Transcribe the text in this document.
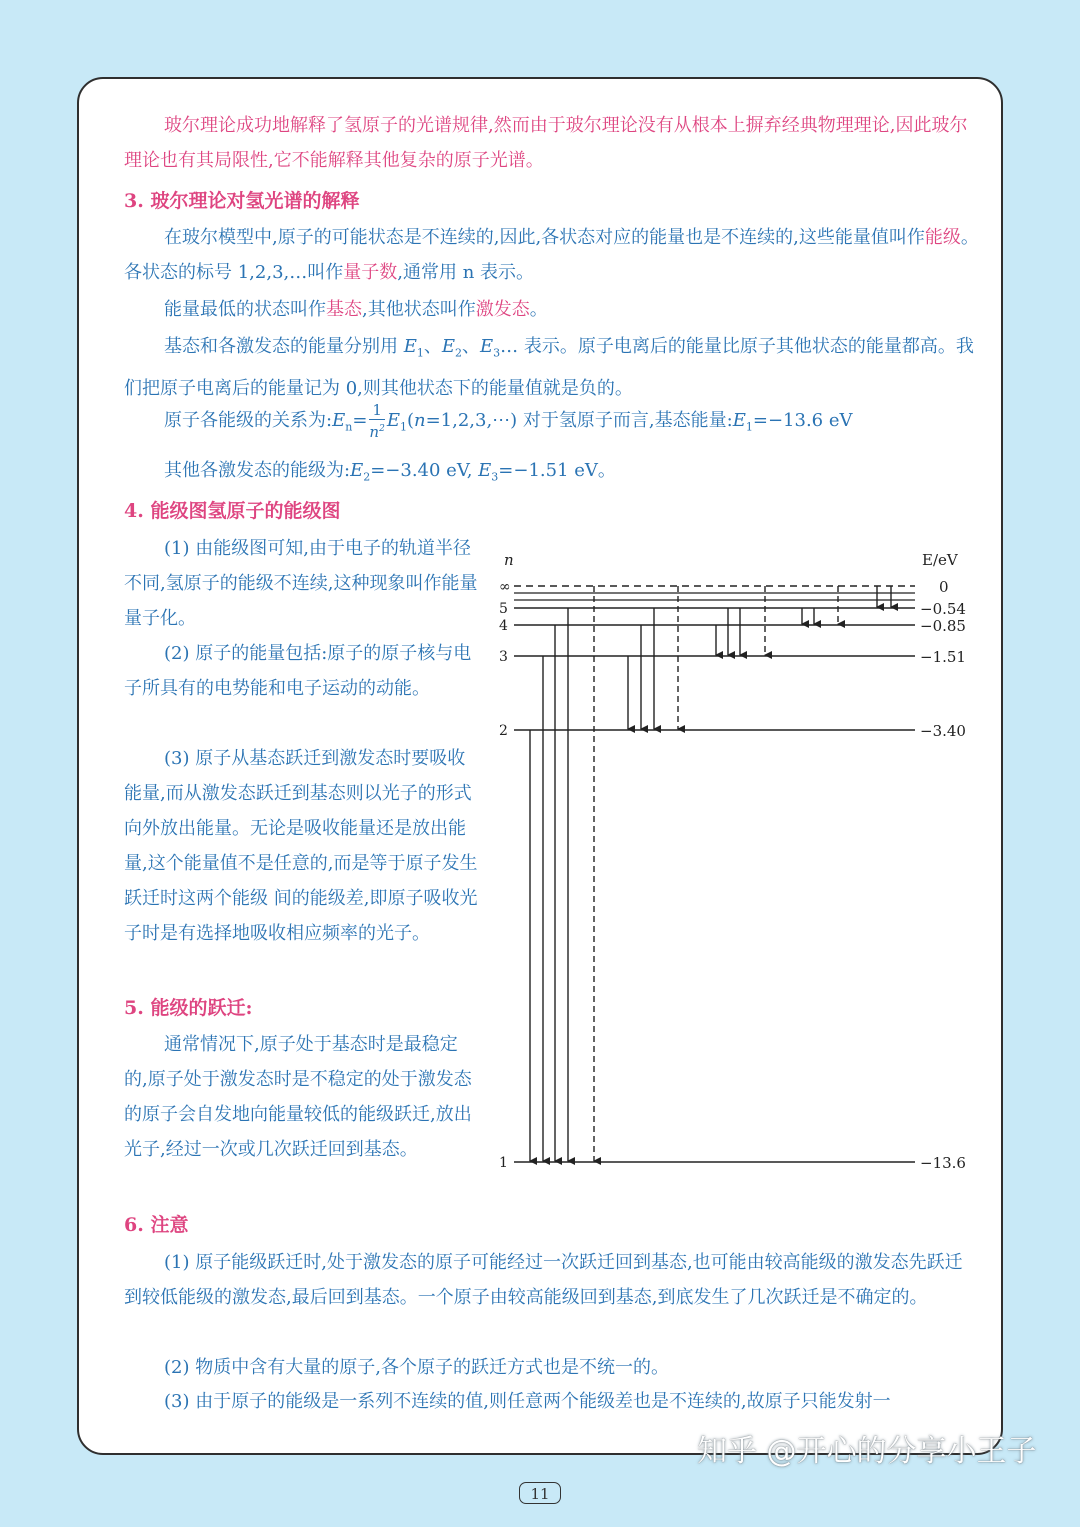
玻尔理论成功地解释了氢原子的光谱规律,然而由于玻尔理论没有从根本上摒弃经典物理理论,因此玻尔理论也有其局限性,它不能解释其他复杂的原子光谱。

3. 玻尔理论对氢光谱的解释

在玻尔模型中,原子的可能状态是不连续的,因此,各状态对应的能量也是不连续的,这些能量值叫作能级。 各状态的标号 1,2,3,…叫作量子数,通常用 n 表示。

能量最低的状态叫作基态,其他状态叫作激发态。

基态和各激发态的能量分别用 $E_1$、$E_2$、$E_3\dots$ 表示。原子电离后的能量比原子其他状态的能量都高。我们把原子电离后的能量记为 0,则其他状态下的能量值就是负的。

原子各能级的关系为$:E_n= \frac{1}{n^2}$ $E_1(n=1,2,3,\cdots)$ 对于氢原子而言,基态能量$:E_1=-13.6$ eV

其他各激发态的能级为$:E_2=-3.40$ eV, $E_3=-1.51$ eV。

4. 能级图氢原子的能级图

(1) 由能级图可知,由于电子的轨道半径不同,氢原子的能级不连续,这种现象叫作能量量子化。

(2) 原子的能量包括:原子的原子核与电子所具有的电势能和电子运动的动能。

(3) 原子从基态跃迁到激发态时要吸收能量,而从激发态跃迁到基态则以光子的形式向外放出能量。无论是吸收能量还是放出能量,这个能量值不是任意的,而是等于原子发生跃迁时这两个能级 间的能级差,即原子吸收光子时是有选择地吸收相应频率的光子。

5. 能级的跃迁:

通常情况下,原子处于基态时是最稳定的,原子处于激发态时是不稳定的处于激发态的原子会自发地向能量较低的能级跃迁,放出光子,经过一次或几次跃迁回到基态。

6. 注意

(1) 原子能级跃迁时,处于激发态的原子可能经过一次跃迁回到基态,也可能由较高能级的激发态先跃迁到较低能级的激发态,最后回到基态。一个原子由较高能级回到基态,到底发生了几次跃迁是不确定的。

(2) 物质中含有大量的原子,各个原子的跃迁方式也是不统一的。

(3) 由于原子的能级是一系列不连续的值,则任意两个能级差也是不连续的,故原子只能发射一

n	E/eV
∞	0
5	−0.54
4	−0.85
3	−1.51
2	−3.40
1	−13.6
11
知乎 @开心的分享小王子
